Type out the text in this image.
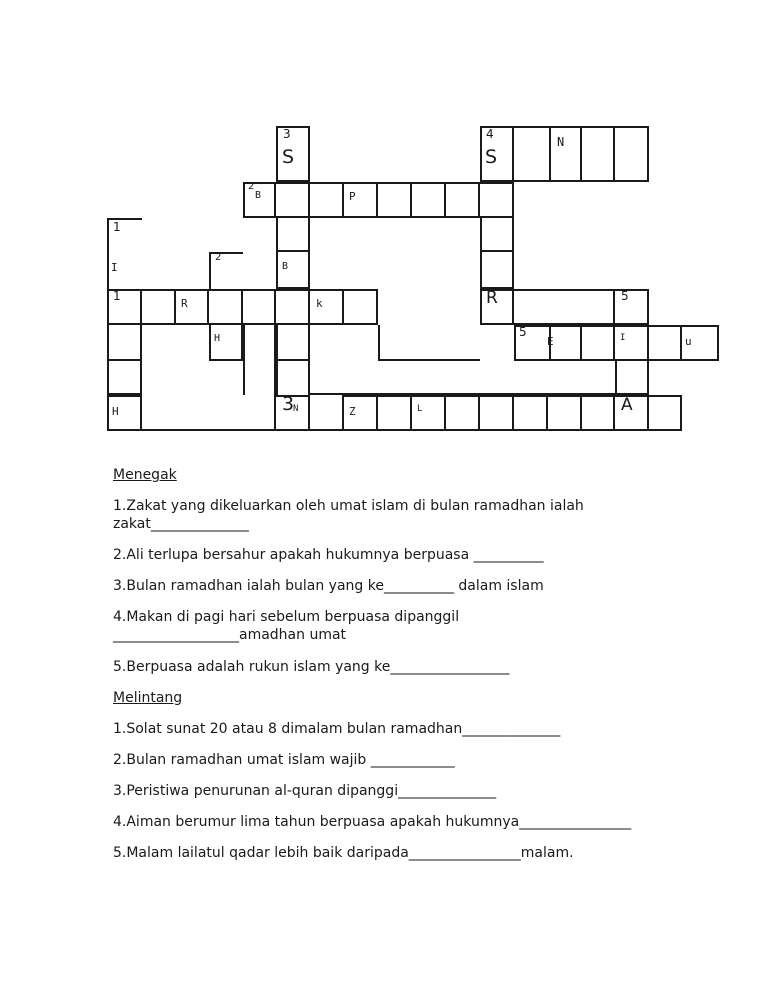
3	4
2
1
2
1	5
5
3
S	S
N
B	P
I	B
R	k	R
H	E	I	u
H	N	Z	L	A
Menegak
1.Zakat yang dikeluarkan oleh umat islam di bulan ramadhan ialah
zakat______________
2.Ali terlupa bersahur apakah hukumnya berpuasa __________
3.Bulan ramadhan ialah bulan yang ke__________ dalam islam
4.Makan di pagi hari sebelum berpuasa dipanggil
__________________amadhan umat
5.Berpuasa adalah rukun islam yang ke_________________
Melintang
1.Solat sunat 20 atau 8 dimalam bulan ramadhan______________
2.Bulan ramadhan umat islam wajib ____________
3.Peristiwa penurunan al-quran dipanggi______________
4.Aiman berumur lima tahun berpuasa apakah hukumnya________________
5.Malam lailatul qadar lebih baik daripada________________malam.
